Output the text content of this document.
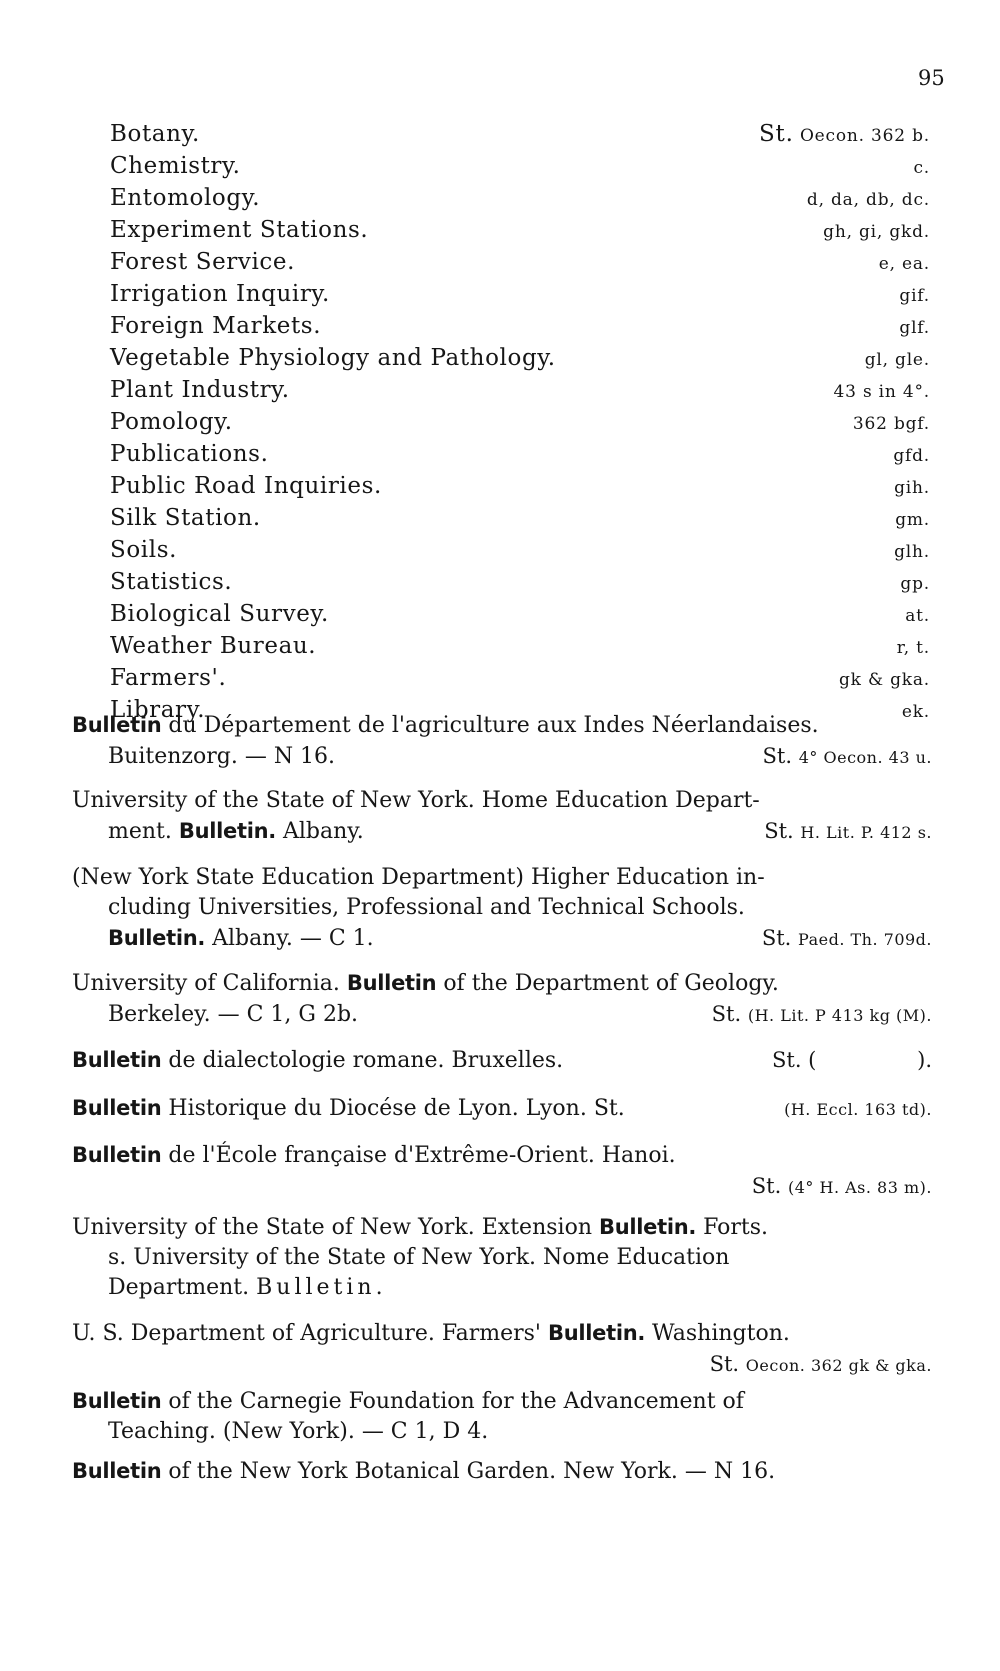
95
Botany.	St. Oecon. 362 b.
Chemistry.	c.
Entomology.	d, da, db, dc.
Experiment Stations.	gh, gi, gkd.
Forest Service.	e, ea.
Irrigation Inquiry.	gif.
Foreign Markets.	glf.
Vegetable Physiology and Pathology.	gl, gle.
Plant Industry.	43 s in 4°.
Pomology.	362 bgf.
Publications.	gfd.
Public Road Inquiries.	gih.
Silk Station.	gm.
Soils.	glh.
Statistics.	gp.
Biological Survey.	at.
Weather Bureau.	r, t.
Farmers'.	gk & gka.
Library.	ek.
Bulletin du Département de l'agriculture aux Indes Néerlandaises.
Buitenzorg. — N 16.	St. 4° Oecon. 43 u.
University of the State of New York. Home Education Depart-
ment. Bulletin. Albany.	St. H. Lit. P. 412 s.
(New York State Education Department) Higher Education in-
cluding Universities, Professional and Technical Schools.
Bulletin. Albany. — C 1.	St. Paed. Th. 709d.
University of California. Bulletin of the Department of Geology.
Berkeley. — C 1, G 2b.	St. (H. Lit. P 413 kg (M).
Bulletin de dialectologie romane. Bruxelles.	St. (	).
Bulletin Historique du Diocése de Lyon. Lyon. St.	(H. Eccl. 163 td).
Bulletin de l'École française d'Extrême-Orient. Hanoi.
St. (4° H. As. 83 m).
University of the State of New York. Extension Bulletin. Forts.
s. University of the State of New York. Nome Education
Department. Bulletin.
U. S. Department of Agriculture. Farmers' Bulletin. Washington.
St. Oecon. 362 gk & gka.
Bulletin of the Carnegie Foundation for the Advancement of
Teaching. (New York). — C 1, D 4.
Bulletin of the New York Botanical Garden. New York. — N 16.
